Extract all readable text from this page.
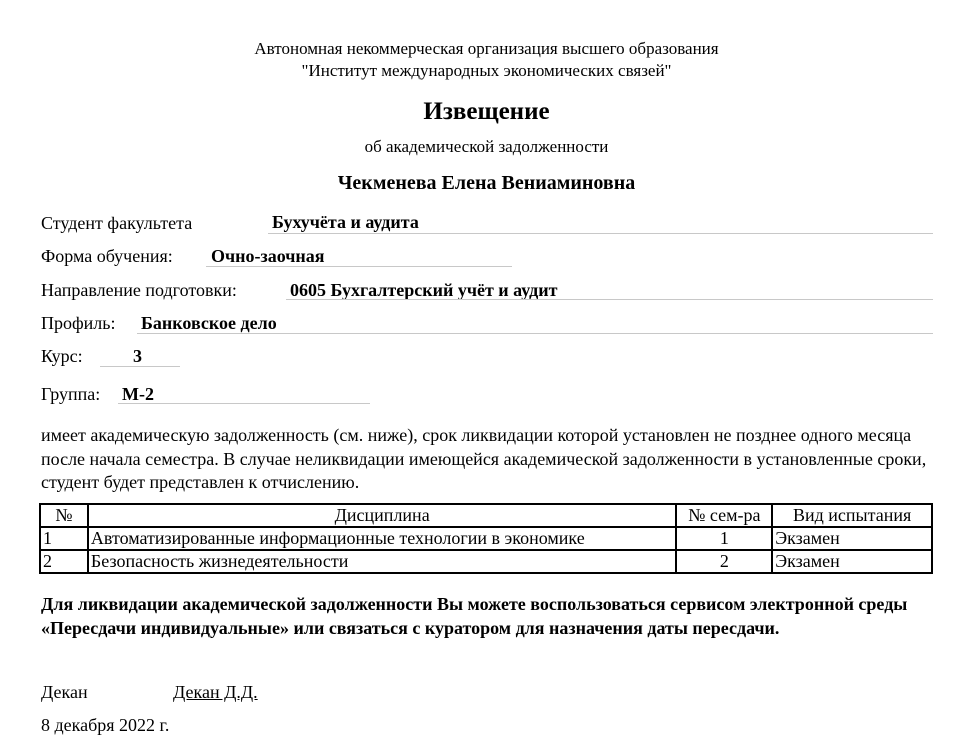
Автономная некоммерческая организация высшего образования
"Институт международных экономических связей"
Извещение
об академической задолженности
Чекменева Елена Вениаминовна
Студент факультета	Бухучёта и аудита
Форма обучения: Очно-заочная
Направление подготовки:	0605 Бухгалтерский учёт и аудит
Профиль: Банковское дело
Курс:	3
Группа: М-2
имеет академическую задолженность (см. ниже), срок ликвидации которой установлен не позднее одного месяца после начала семестра. В случае неликвидации имеющейся академической задолженности в установленные сроки, студент будет представлен к отчислению.
№	Дисциплина	№ сем-ра	Вид испытания
1	Автоматизированные информационные технологии в экономике	1	Экзамен
2	Безопасность жизнедеятельности	2	Экзамен
Для ликвидации академической задолженности Вы можете воспользоваться сервисом электронной среды «Пересдачи индивидуальные» или связаться с куратором для назначения даты пересдачи.
Декан	Декан Д.Д.
8 декабря 2022 г.
